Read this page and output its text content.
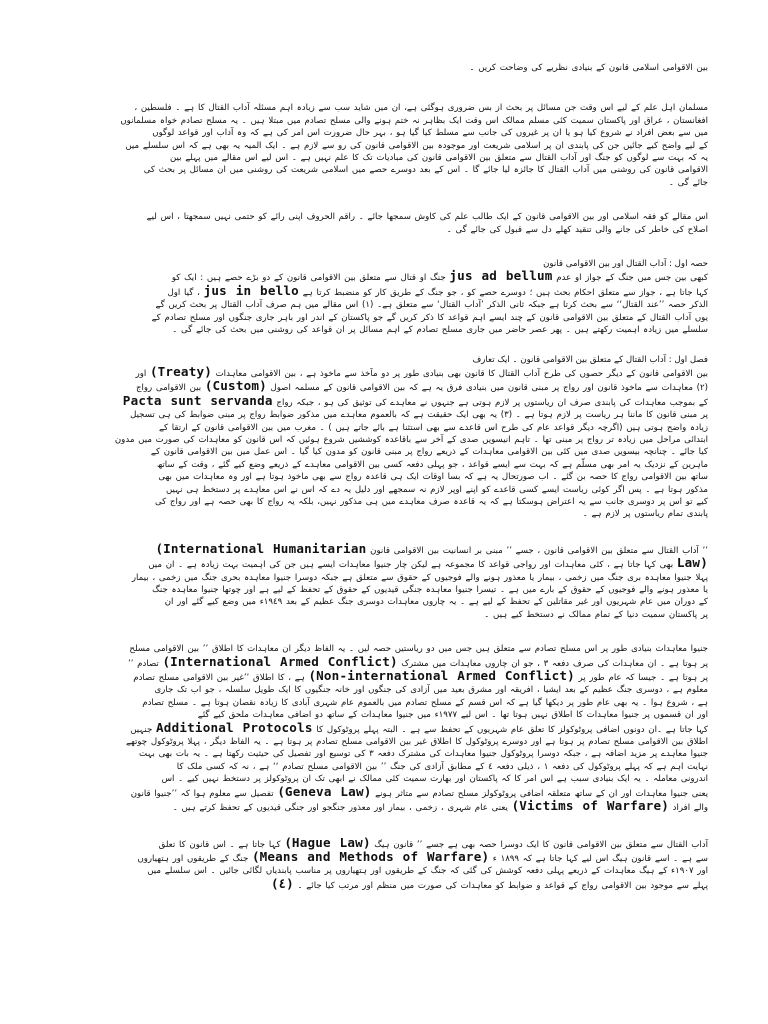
بین الاقوامی اسلامی قانون کے بنیادی نظریے کی وضاحت کریں ۔

مسلمان اہل علم کے لیے اس وقت جن مسائل پر بحث از بس ضروری ہوگئی ہے، ان میں شاید سب سے زیادہ اہم مسئلہ آداب القتال کا ہے ۔ فلسطین ،

افغانستان ، عراق اور پاکستان سمیت کئی مسلم ممالک اس وقت ایک بظاہر نہ ختم ہونے والی مسلح تصادم میں مبتلا ہیں ۔ یہ مسلح تصادم خواہ مسلمانوں

میں سے بعض افراد نے شروع کیا ہو یا ان پر غیروں کی جانب سے مسلط کیا گیا ہو ، بہر حال ضرورت اس امر کی ہے کہ وہ آداب اور قواعد لوگوں

کے لیے واضح کیے جائیں جن کی پابندی ان پر اسلامی شریعت اور موجودہ بین الاقوامی قانون کی رو سے لازم ہے ۔ ایک المیہ یہ بھی ہے کہ اس سلسلے میں

یہ کہ بہت سے لوگوں کو جنگ اور آداب القتال سے متعلق بین الاقوامی قانون کی مبادیات تک کا علم نہیں ہے ۔ اس لیے اس مقالے میں پہلے بین

الاقوامی قانون کی روشنی میں آداب القتال کا جائزہ لیا جائے گا ۔ اس کے بعد دوسرے حصے میں اسلامی شریعت کی روشنی میں ان مسائل پر بحث کی

جائے گی ۔

اس مقالے کو فقہ اسلامی اور بین الاقوامی قانون کے ایک طالب علم کی کاوش سمجھا جائے ۔ راقم الحروف اپنی رائے کو حتمی نہیں سمجھتا ، اس لیے

اصلاح کی خاطر کی جانے والی تنقید کھلے دل سے قبول کی جائے گی ۔

حصہ اول : آداب القتال اور بین الاقوامی قانون

کبھی بین جس میں جنگ کے جواز او عدم jus ad bellum جنگ او قتال سے متعلق بین الاقوامی قانون کے دو بڑے حصے ہیں : ایک کو

کہا جاتا ہے ، جواز سے متعلق احکام بحث ہیں ؛ دوسرے حصے کو ، جو جنگ کے طریق کار کو منضبط کرتا ہے jus in bello ، گیا اول

الذکر حصہ ’’عند القتال‘‘ سے بحث کرتا ہے جبکہ ثانی الذکر ’آداب القتال‘ سے متعلق ہے۔ (١) اس مقالے میں ہم صرف آداب القتال پر بحث کریں گے

یوں آداب القتال کے متعلق بین الاقوامی قانون کے چند ایسے اہم قواعد کا ذکر کریں گے جو پاکستان کے اندر اور باہر جاری جنگوں اور مسلح تصادم کے

سلسلے میں زیادہ اہمیت رکھتے ہیں ۔ پھر عصر حاضر میں جاری مسلح تصادم کے اہم مسائل پر ان قواعد کی روشنی میں بحث کی جائے گی ۔

فصل اول : آداب القتال کے متعلق بین الاقوامی قانون ۔ ایک تعارف

بین الاقوامی قانون کے دیگر حصوں کی طرح آداب القتال کا قانون بھی بنیادی طور پر دو مآخذ سے ماخوذ ہے ، بین الاقوامی معاہدات (Treaty) اور

(٢) معاہدات سے ماخوذ قانون اور رواج پر مبنی قانون میں بنیادی فرق یہ ہے کہ بین الاقوامی قانون کے مسلمہ اصول (Custom) بین الاقوامی رواج

کے بموجب معاہدات کی پابندی صرف ان ریاستوں پر لازم ہوتی ہے جنہوں نے معاہدے کی توثیق کی ہو ، جبکہ رواج Pacta sunt servanda

پر مبنی قانون کا ماننا ہر ریاست پر لازم ہوتا ہے ۔ (٣) یہ بھی ایک حقیقت ہے کہ بالعموم معاہدے میں مذکور ضوابط رواج پر مبنی ضوابط کی ہی تسجیل

زیادہ واضح ہوتی ہیں (اگرچہ دیگر قواعد عام کی طرح اس قاعدے سے بھی استثنا ہے بائے جاتے ہیں ) ۔ مغرب میں بین الاقوامی قانون کے ارتقا کے

ابتدائی مراحل میں زیادہ تر رواج پر مبنی تھا ۔ تاہم انیسویں صدی کے آخر سے باقاعدہ کوششیں شروع ہوئیں کہ اس قانون کو معاہدات کی صورت میں مدون

کیا جائے ۔ چنانچہ بیسویں صدی میں کئی بین الاقوامی معاہدات کے ذریعے رواج پر مبنی قانون کو مدون کیا گیا ۔ اس عمل میں بین الاقوامی قانون کے

ماہرین کے نزدیک یہ امر بھی مسلّم ہے کہ بہت سے ایسے قواعد ، جو پہلی دفعہ کسی بین الاقوامی معاہدے کے ذریعے وضع کیے گئے ، وقت کے ساتھ

ساتھ بین الاقوامی رواج کا حصہ بن گئے ۔ اب صورتحال یہ ہے کہ بسا اوقات ایک ہی قاعدہ رواج سے بھی ماخوذ ہوتا ہے اور وہ معاہدات میں بھی

مذکور ہوتا ہے ۔ پس اگر کوئی ریاست ایسے کسی قاعدے کو اپنے اوپر لازم نہ سمجھے اور دلیل یہ دے کہ اس نے اس معاہدے پر دستخط ہی نہیں

کیے تو اس پر دوسری جانب سے یہ اعتراض ہوسکتا ہے کہ یہ قاعدہ صرف معاہدے میں ہی مذکور نہیں، بلکہ یہ رواج کا بھی حصہ ہے اور رواج کی

پابندی تمام ریاستوں پر لازم ہے ۔

’’ آداب القتال سے متعلق بین الاقوامی قانون ، جسے ’’ مبنی بر انسانیت بین الاقوامی قانون (International Humanitarian

Law) بھی کہا جاتا ہے ، کئی معاہدات اور رواجی قواعد کا مجموعہ ہے لیکن چار جنیوا معاہدات ایسے ہیں جن کی اہمیت بہت زیادہ ہے ۔ ان میں

پہلا جنیوا معاہدہ بری جنگ میں زخمی ، بیمار یا معذور ہونے والے فوجیوں کے حقوق سے متعلق ہے جبکہ دوسرا جنیوا معاہدہ بحری جنگ میں زخمی ، بیمار

یا معذور ہونے والے فوجیوں کے حقوق کے بارے میں ہے ۔ تیسرا جنیوا معاہدہ جنگی قیدیوں کے حقوق کے تحفظ کے لیے ہے اور چوتھا جنیوا معاہدہ جنگ

کے دوران میں عام شہریوں اور غیر مقاتلین کے تحفظ کے لیے ہے ۔ یہ چاروں معاہدات دوسری جنگ عظیم کے بعد ١٩٤٩ء میں وضع کیے گئے اور ان

پر پاکستان سمیت دنیا کے تمام ممالک نے دستخط کیے ہیں ۔

جنیوا معاہدات بنیادی طور پر اس مسلح تصادم سے متعلق ہیں جس میں دو ریاستیں حصہ لیں ۔ یہ الفاظ دیگر ان معاہدات کا اطلاق ’’ بین الاقوامی مسلح

پر ہوتا ہے ۔ ان معاہدات کی صرف دفعہ ۳ ، جو ان چاروں معاہدات میں مشترک (International Armed Conflict) تصادم ’’

پر ہوتا ہے ۔ جیسا کہ عام طور پر (Non-international Armed Conflict) ہے ، کا اطلاق ’’غیر بین الاقوامی مسلح تصادم

معلوم ہے ، دوسری جنگ عظیم کے بعد ایشیا ، افریقہ اور مشرق بعید میں آزادی کی جنگوں اور خانہ جنگیوں کا ایک طویل سلسلہ ، جو اب تک جاری

ہے ، شروع ہوا ۔ یہ بھی عام طور پر دیکھا گیا ہے کہ اس قسم کے مسلح تصادم میں بالعموم عام شہری آبادی کا زیادہ نقصان ہوتا ہے ۔ مسلح تصادم

اور ان قسموں پر جنیوا معاہدات کا اطلاق نہیں ہوتا تھا ۔ اس لیے ١٩٧٧ء میں جنیوا معاہدات کے ساتھ دو اضافی معاہدات ملحق کیے گئے

کہا جاتا ہے ۔ان دونوں اضافی پروٹوکولز کا تعلق عام شہریوں کے تحفظ سے ہے ۔ البتہ پہلے پروٹوکول کا Additional Protocols جنہیں

اطلاق بین الاقوامی مسلح تصادم پر ہوتا ہے اور دوسرے پروٹوکول کا اطلاق غیر بین الاقوامی مسلح تصادم پر ہوتا ہے ۔ یہ الفاظ دیگر ، پہلا پروٹوکول چوتھے

جنیوا معاہدے پر مزید اضافہ ہے ، جبکہ دوسرا پروٹوکول جنیوا معاہدات کی مشترک دفعہ ۳ کی توسیع اور تفصیل کی حیثیت رکھتا ہے ۔ یہ بات بھی بہت

نہایت اہم ہے کہ پہلے پروٹوکول کی دفعہ ١ ، ذیلی دفعہ ٤ کے مطابق آزادی کی جنگ ’’ بین الاقوامی مسلح تصادم ‘‘ ہے ، نہ کہ کسی ملک کا

اندرونی معاملہ ۔ یہ ایک بنیادی سبب ہے اس امر کا کہ پاکستان اور بھارت سمیت کئی ممالک نے ابھی تک ان پروٹوکولز پر دستخط نہیں کیے ۔ اس

یعنی جنیوا معاہدات اور ان کے ساتھ متعلقہ اضافی پروٹوکولز مسلح تصادم سے متاثر ہونے (Geneva Law) تفصیل سے معلوم ہوا کہ ’’جنیوا قانون

والے افراد (Victims of Warfare) یعنی عام شہری ، زخمی ، بیمار اور معذور جنگجو اور جنگی قیدیوں کے تحفظ کرتے ہیں ۔

آداب القتال سے متعلق بین الاقوامی قانون کا ایک دوسرا حصہ بھی ہے جسے ’’ قانون ہیگ (Hague Law) کہا جاتا ہے ۔ اس قانون کا تعلق

سے ہے ۔ اسے قانون ہیگ اس لیے کہا جاتا ہے کہ ١٨٩٩ ء (Means and Methods of Warfare) جنگ کے طریقوں اور ہتھیاروں

اور ١٩٠٧ء کے ہیگ معاہدات کے ذریعے پہلی دفعہ کوشش کی گئی کہ جنگ کے طریقوں اور ہتھیاروں پر مناسب پابندیاں لگائی جائیں ۔ اس سلسلے میں

پہلے سے موجود بین الاقوامی رواج کے قواعد و ضوابط کو معاہدات کی صورت میں منظم اور مرتب کیا جائے ۔ (٤)
